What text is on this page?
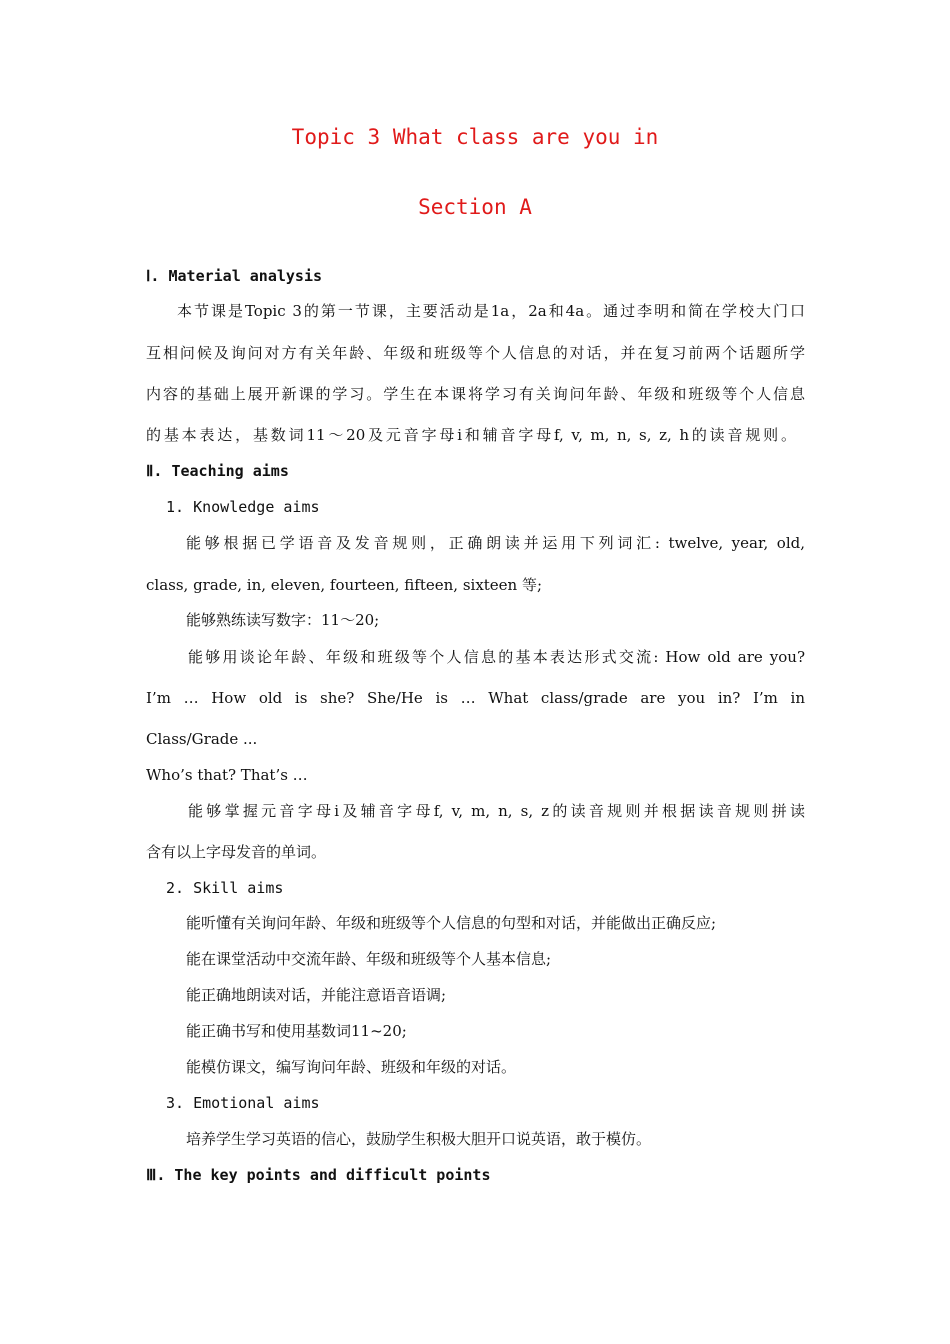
Topic 3 What class are you in
Section A
Ⅰ. Material analysis
本节课是Topic 3的第一节课，主要活动是1a，2a和4a。通过李明和简在学校大门口
互相问候及询问对方有关年龄、年级和班级等个人信息的对话，并在复习前两个话题所学
内容的基础上展开新课的学习。学生在本课将学习有关询问年龄、年级和班级等个人信息
的基本表达，基数词11～20及元音字母i和辅音字母f, v, m, n, s, z, h的读音规则。
Ⅱ. Teaching aims
1. Knowledge aims
能够根据已学语音及发音规则，正确朗读并运用下列词汇: twelve, year, old,
class, grade, in, eleven, fourteen, fifteen, sixteen 等;
能够熟练读写数字：11～20;
能够用谈论年龄、年级和班级等个人信息的基本表达形式交流: How old are you?
I’m … How old is she? She/He is … What class/grade are you in? I’m in
Class/Grade ...
Who’s that? That’s …
能够掌握元音字母i及辅音字母f, v, m, n, s, z的读音规则并根据读音规则拼读
含有以上字母发音的单词。
2. Skill aims
能听懂有关询问年龄、年级和班级等个人信息的句型和对话，并能做出正确反应;
能在课堂活动中交流年龄、年级和班级等个人基本信息;
能正确地朗读对话，并能注意语音语调;
能正确书写和使用基数词11~20;
能模仿课文，编写询问年龄、班级和年级的对话。
3. Emotional aims
培养学生学习英语的信心，鼓励学生积极大胆开口说英语，敢于模仿。
Ⅲ. The key points and difficult points
